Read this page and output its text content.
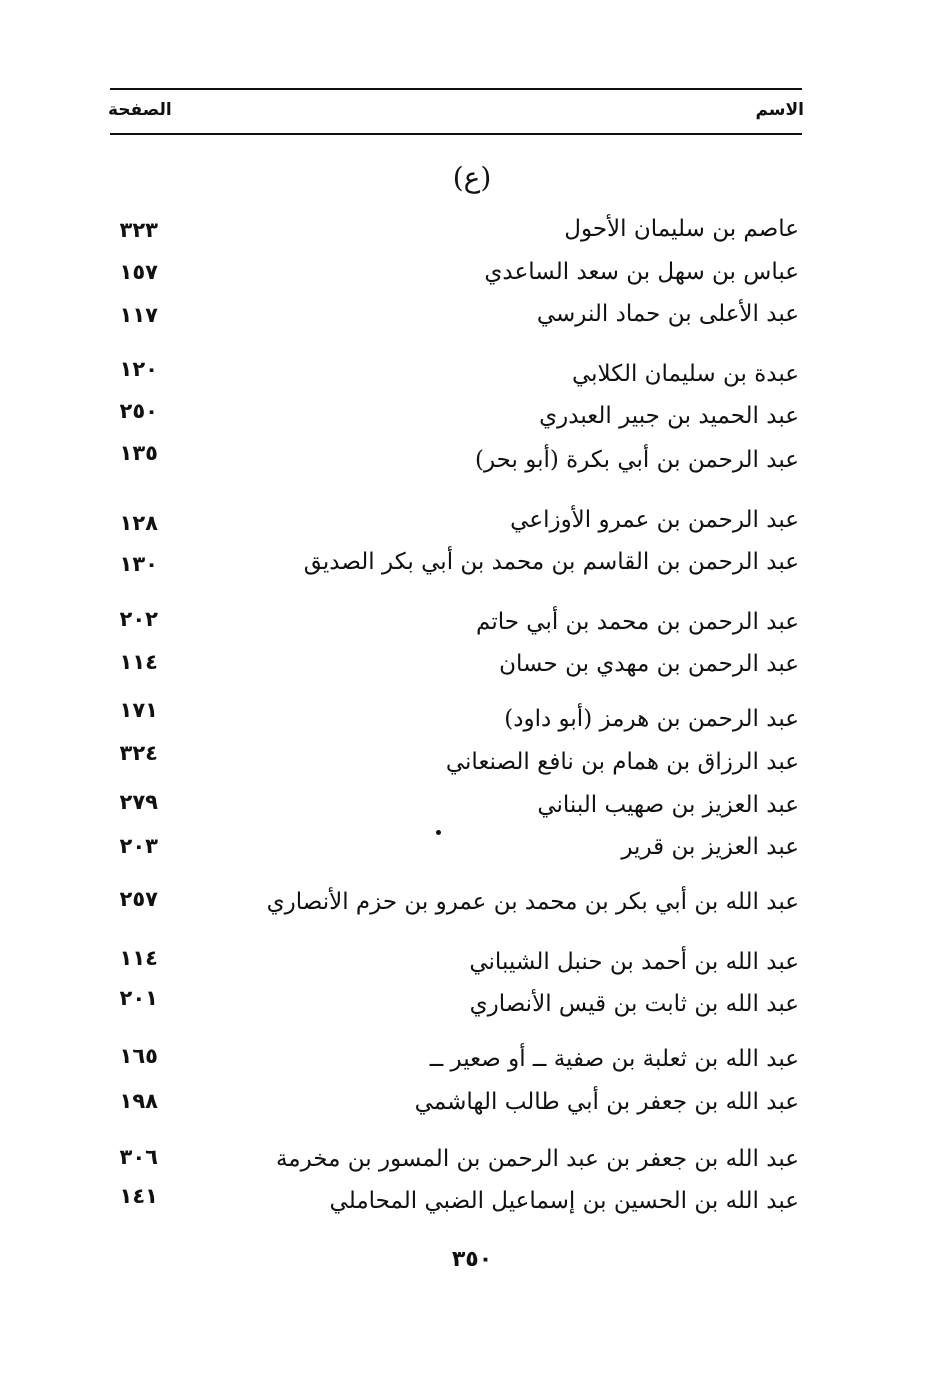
الاسم
الصفحة
(ع)
عاصم بن سليمان الأحول
٣٢٣
عباس بن سهل بن سعد الساعدي
١٥٧
عبد الأعلى بن حماد النرسي
١١٧
عبدة بن سليمان الكلابي
١٢٠
عبد الحميد بن جبير العبدري
٢٥٠
عبد الرحمن بن أبي بكرة (أبو بحر)
١٣٥
عبد الرحمن بن عمرو الأوزاعي
١٢٨
عبد الرحمن بن القاسم بن محمد بن أبي بكر الصديق
١٣٠
عبد الرحمن بن محمد بن أبي حاتم
٢٠٢
عبد الرحمن بن مهدي بن حسان
١١٤
عبد الرحمن بن هرمز (أبو داود)
١٧١
عبد الرزاق بن همام بن نافع الصنعاني
٣٢٤
عبد العزيز بن صهيب البناني
٢٧٩
عبد العزيز بن قرير
٢٠٣
عبد الله بن أبي بكر بن محمد بن عمرو بن حزم الأنصاري
٢٥٧
عبد الله بن أحمد بن حنبل الشيباني
١١٤
عبد الله بن ثابت بن قيس الأنصاري
٢٠١
عبد الله بن ثعلبة بن صفية ــ أو صعير ــ
١٦٥
عبد الله بن جعفر بن أبي طالب الهاشمي
١٩٨
عبد الله بن جعفر بن عبد الرحمن بن المسور بن مخرمة
٣٠٦
عبد الله بن الحسين بن إسماعيل الضبي المحاملي
١٤١
٣٥٠
